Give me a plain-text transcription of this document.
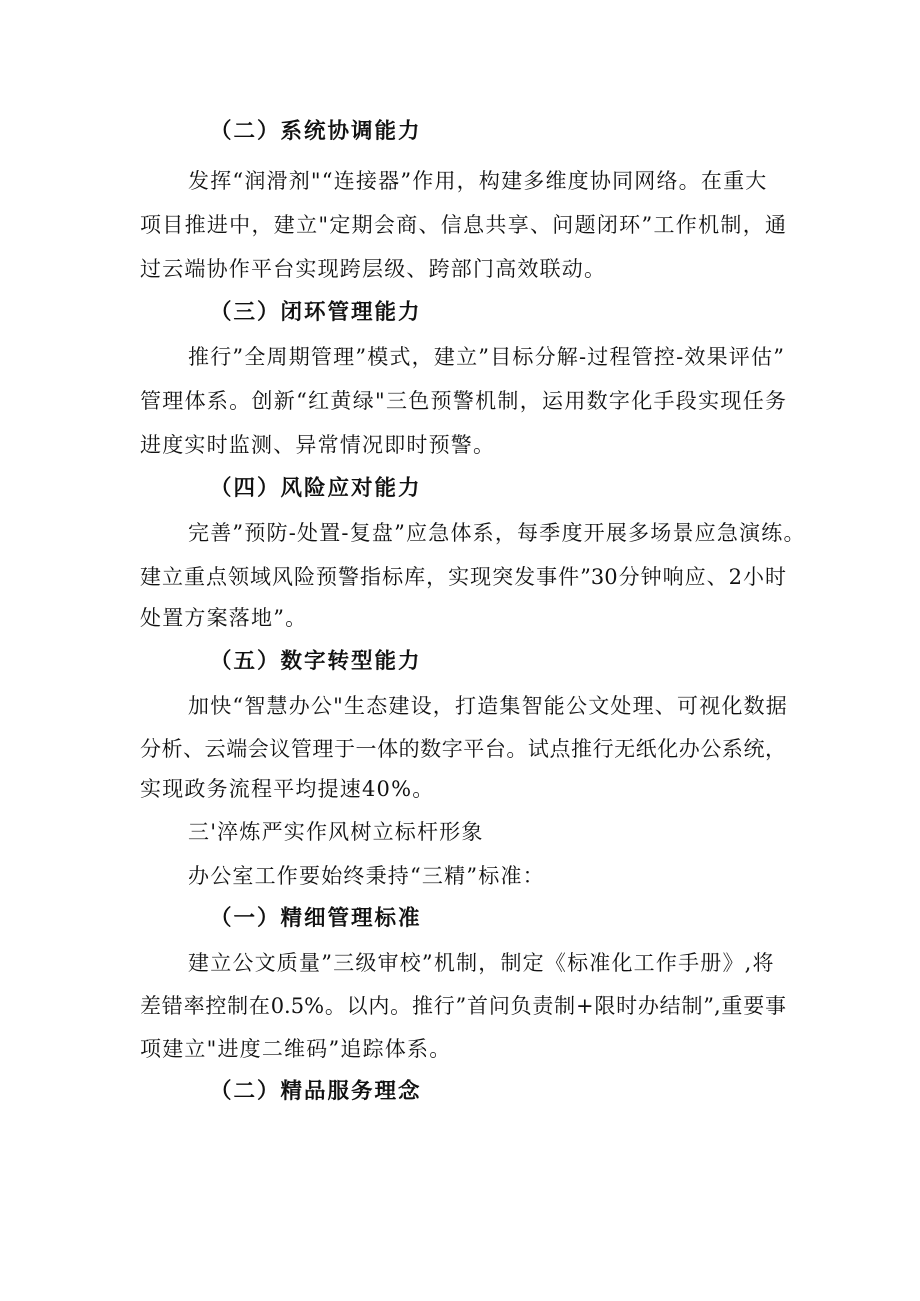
（二）系统协调能力
发挥“润滑剂"“连接器”作用，构建多维度协同网络。在重大
项目推进中，建立"定期会商、信息共享、问题闭环”工作机制，通
过云端协作平台实现跨层级、跨部门高效联动。
（三）闭环管理能力
推行”全周期管理”模式，建立”目标分解-过程管控-效果评估”
管理体系。创新“红黄绿"三色预警机制，运用数字化手段实现任务
进度实时监测、异常情况即时预警。
（四）风险应对能力
完善”预防-处置-复盘”应急体系，每季度开展多场景应急演练。
建立重点领域风险预警指标库，实现突发事件”30分钟响应、2小时
处置方案落地”。
（五）数字转型能力
加快“智慧办公"生态建设，打造集智能公文处理、可视化数据
分析、云端会议管理于一体的数字平台。试点推行无纸化办公系统，
实现政务流程平均提速40%。
三'淬炼严实作风树立标杆形象
办公室工作要始终秉持“三精”标准：
（一）精细管理标准
建立公文质量”三级审校”机制，制定《标准化工作手册》,将
差错率控制在0.5%。以内。推行”首问负责制+限时办结制”,重要事
项建立"进度二维码”追踪体系。
（二）精品服务理念
